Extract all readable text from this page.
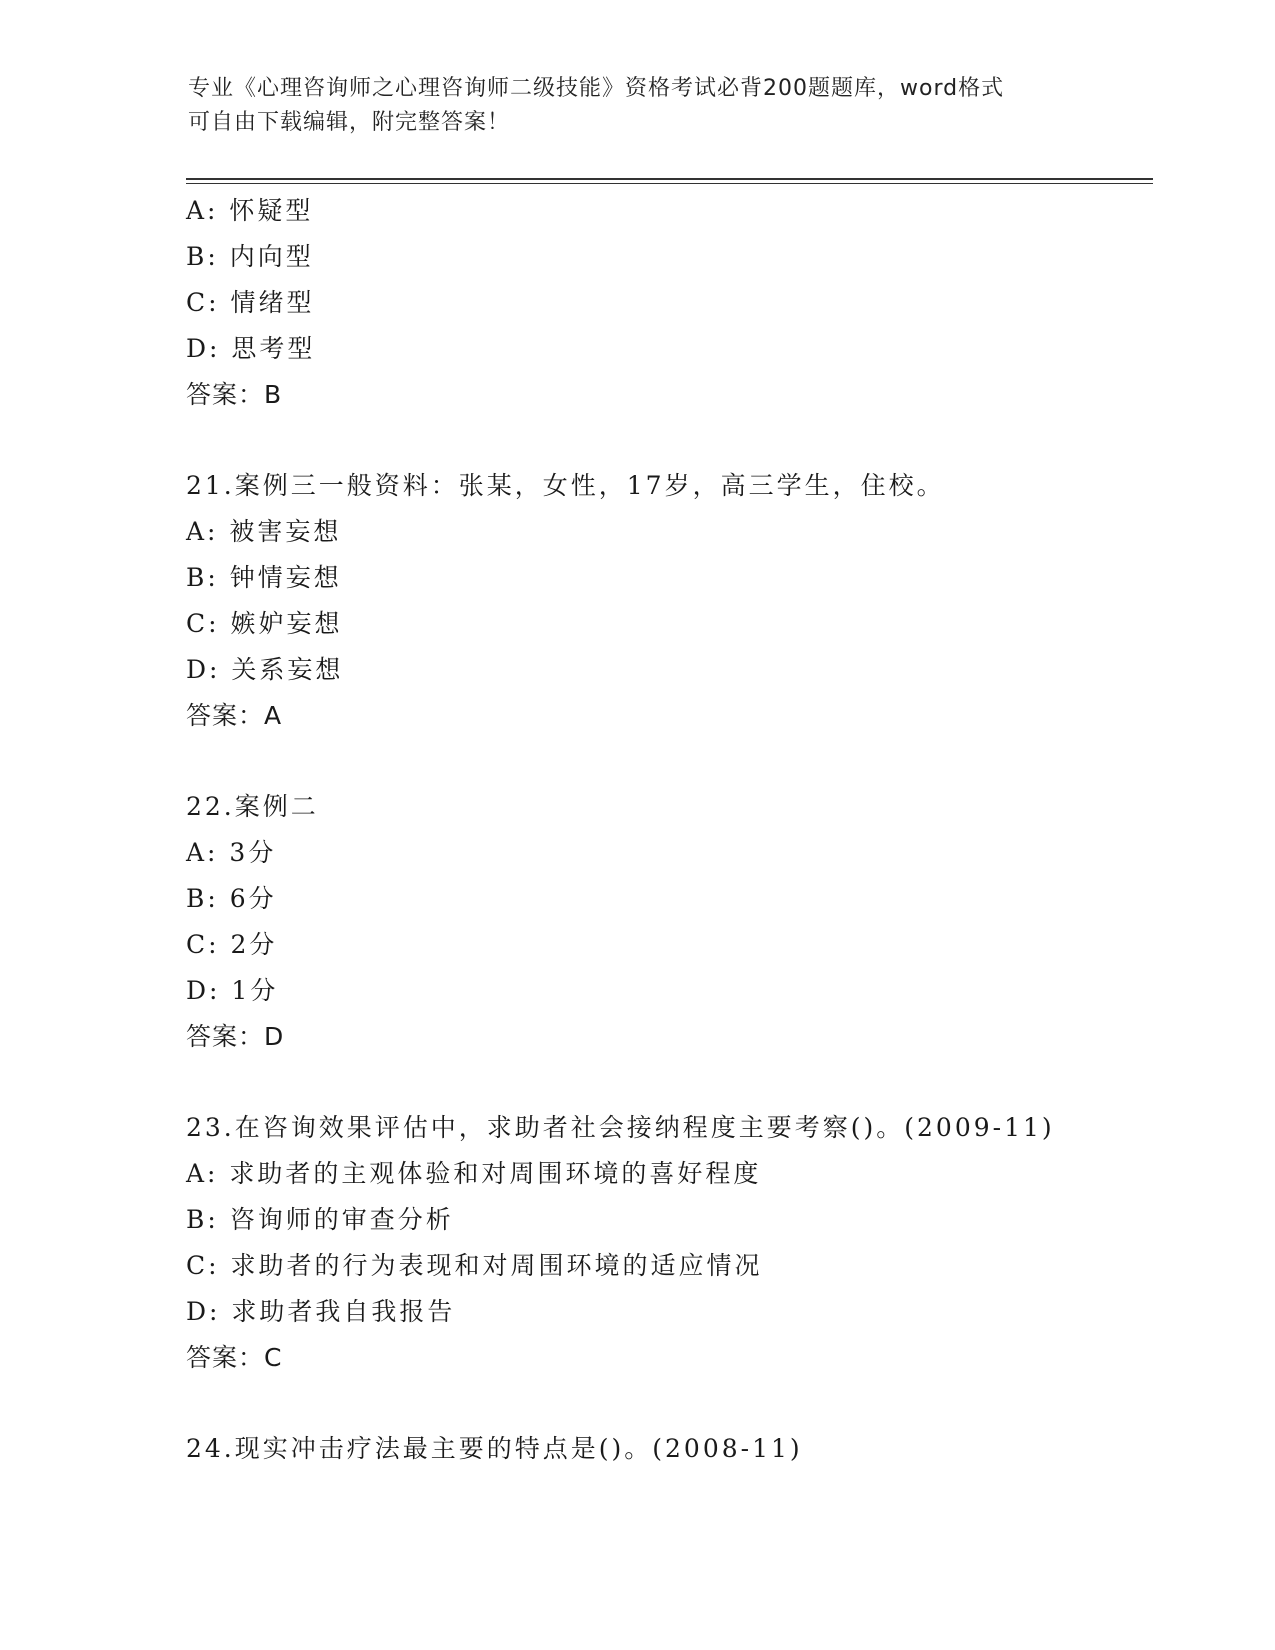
专业《心理咨询师之心理咨询师二级技能》资格考试必背200题题库，word格式
可自由下载编辑，附完整答案！
A: 怀疑型
B: 内向型
C: 情绪型
D: 思考型
答案：B
21.案例三一般资料：张某，女性，17岁，高三学生，住校。
A: 被害妄想
B: 钟情妄想
C: 嫉妒妄想
D: 关系妄想
答案：A
22.案例二
A: 3分
B: 6分
C: 2分
D: 1分
答案：D
23.在咨询效果评估中，求助者社会接纳程度主要考察()。(2009-11)
A: 求助者的主观体验和对周围环境的喜好程度
B: 咨询师的审查分析
C: 求助者的行为表现和对周围环境的适应情况
D: 求助者我自我报告
答案：C
24.现实冲击疗法最主要的特点是()。(2008-11)
